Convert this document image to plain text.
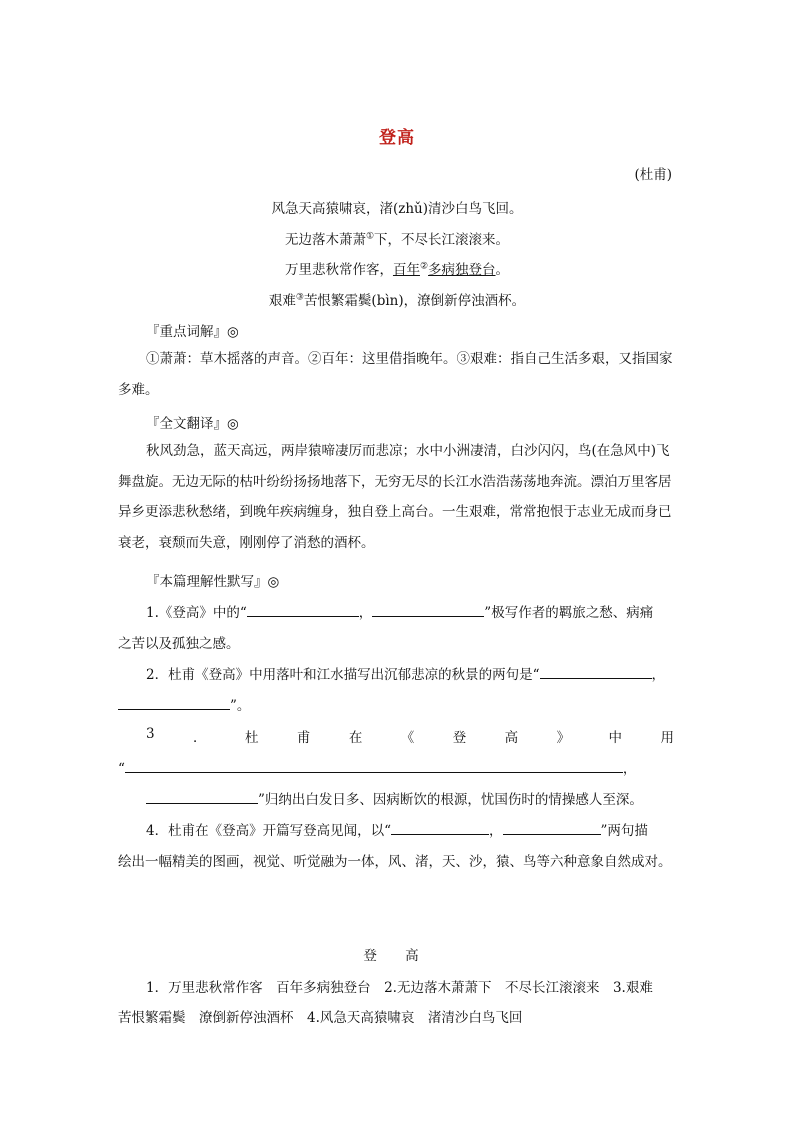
登高
(杜甫)
风急天高猿啸哀，渚(zhǔ)清沙白鸟飞回。
无边落木萧萧①下，不尽长江滚滚来。
万里悲秋常作客，百年②多病独登台。
艰难③苦恨繁霜鬓(bìn)，潦倒新停浊酒杯。
『重点词解』◎
①萧萧：草木摇落的声音。②百年：这里借指晚年。③艰难：指自己生活多艰，又指国家多难。
『全文翻译』◎
秋风劲急，蓝天高远，两岸猿啼凄厉而悲凉；水中小洲凄清，白沙闪闪，鸟(在急风中)飞舞盘旋。无边无际的枯叶纷纷扬扬地落下，无穷无尽的长江水浩浩荡荡地奔流。漂泊万里客居异乡更添悲秋愁绪，到晚年疾病缠身，独自登上高台。一生艰难，常常抱恨于志业无成而身已衰老，衰颓而失意，刚刚停了消愁的酒杯。
『本篇理解性默写』◎
1.《登高》中的“	，	”极写作者的羁旅之愁、病痛
之苦以及孤独之感。
2．杜甫《登高》中用落叶和江水描写出沉郁悲凉的秋景的两句是“	，
”。
3	．	杜	甫	在	《	登	高	》	中	用
“	，
”归纳出白发日多、因病断饮的根源，忧国伤时的情操感人至深。
4．杜甫在《登高》开篇写登高见闻，以“	，	”两句描
绘出一幅精美的图画，视觉、听觉融为一体，风、渚，天、沙，猿、鸟等六种意象自然成对。
登 高
1．万里悲秋常作客　百年多病独登台　2.无边落木萧萧下　不尽长江滚滚来　3.艰难
苦恨繁霜鬓　潦倒新停浊酒杯　4.风急天高猿啸哀　渚清沙白鸟飞回
